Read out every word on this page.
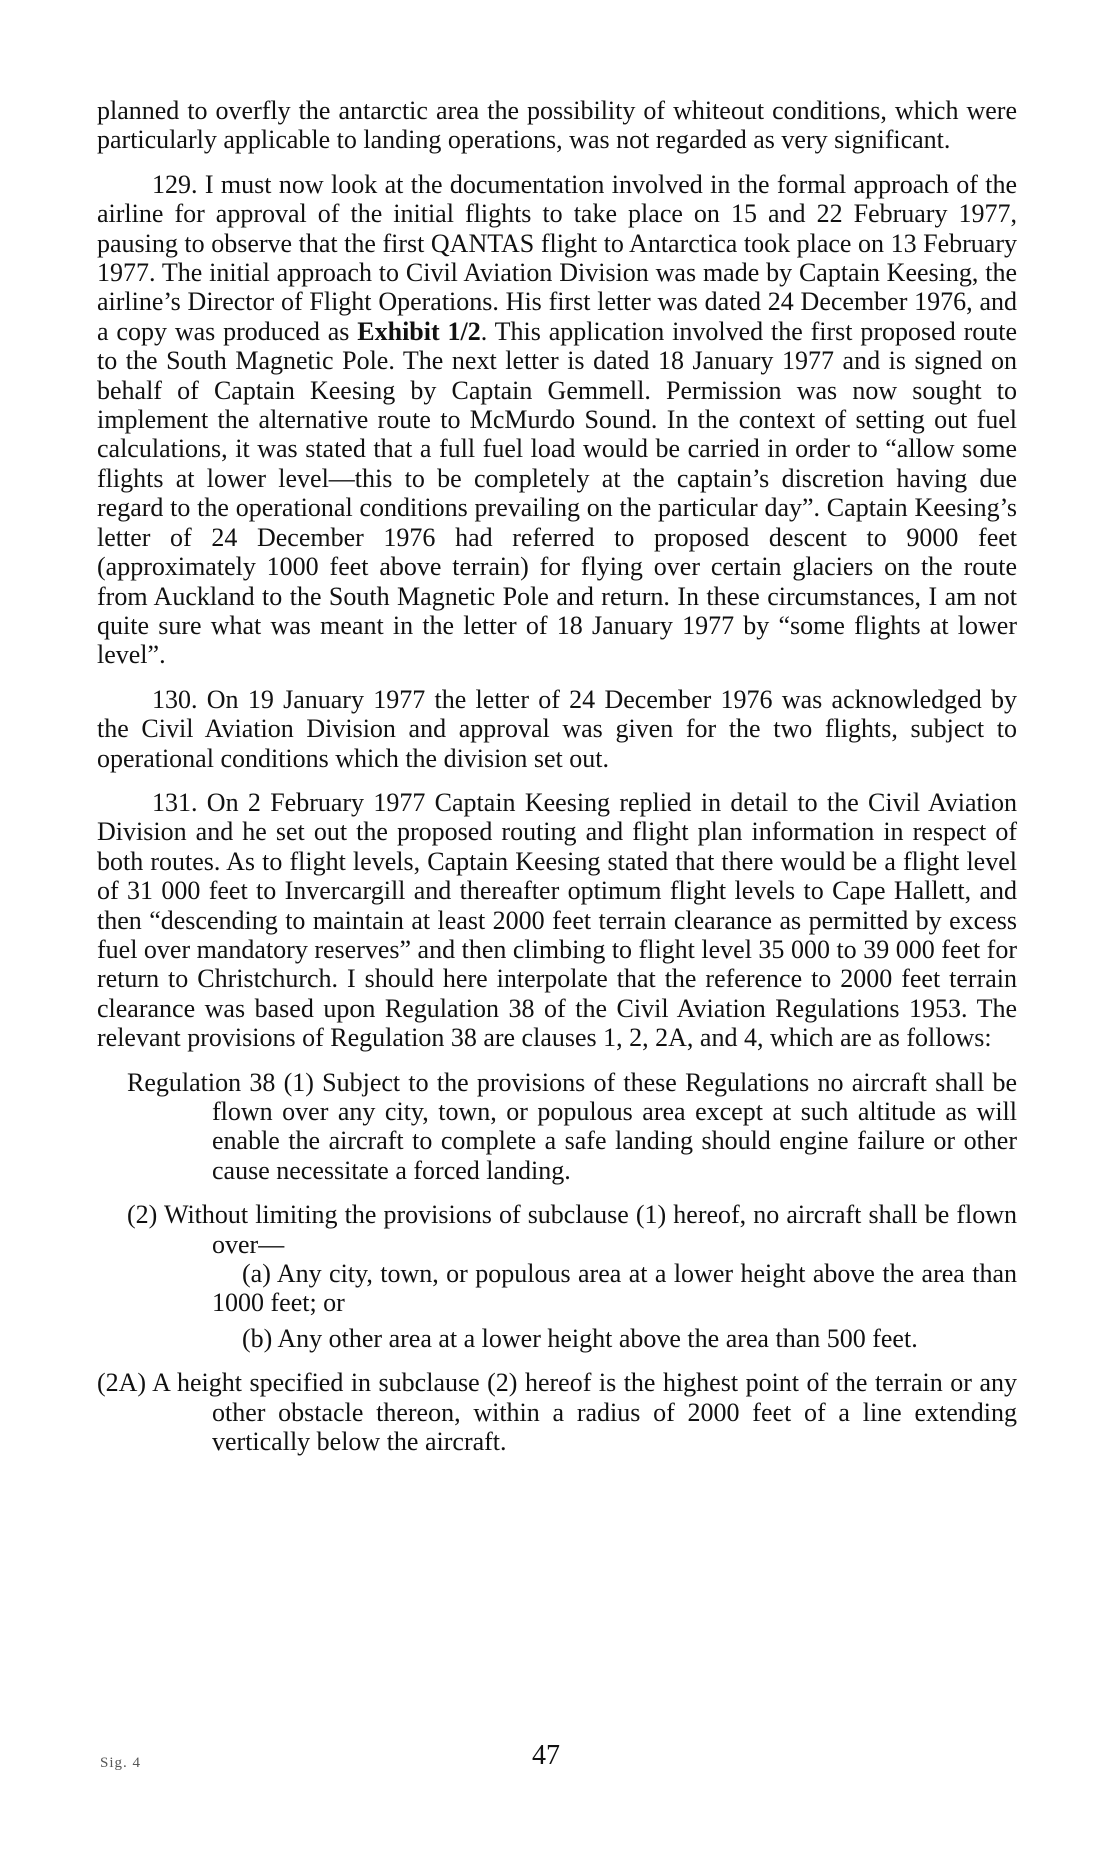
planned to overfly the antarctic area the possibility of whiteout conditions, which were particularly applicable to landing operations, was not regarded as very significant.

129. I must now look at the documentation involved in the formal approach of the airline for approval of the initial flights to take place on 15 and 22 February 1977, pausing to observe that the first QANTAS flight to Antarctica took place on 13 February 1977. The initial approach to Civil Aviation Division was made by Captain Keesing, the airline’s Director of Flight Operations. His first letter was dated 24 December 1976, and a copy was produced as Exhibit 1/2. This application involved the first proposed route to the South Magnetic Pole. The next letter is dated 18 January 1977 and is signed on behalf of Captain Keesing by Captain Gemmell. Permission was now sought to implement the alternative route to McMurdo Sound. In the context of setting out fuel calculations, it was stated that a full fuel load would be carried in order to “allow some flights at lower level—this to be completely at the captain’s discretion having due regard to the operational conditions prevailing on the particular day”. Captain Keesing’s letter of 24 December 1976 had referred to proposed descent to 9000 feet (approximately 1000 feet above terrain) for flying over certain glaciers on the route from Auckland to the South Magnetic Pole and return. In these circumstances, I am not quite sure what was meant in the letter of 18 January 1977 by “some flights at lower level”.

130. On 19 January 1977 the letter of 24 December 1976 was acknowledged by the Civil Aviation Division and approval was given for the two flights, subject to operational conditions which the division set out.

131. On 2 February 1977 Captain Keesing replied in detail to the Civil Aviation Division and he set out the proposed routing and flight plan information in respect of both routes. As to flight levels, Captain Keesing stated that there would be a flight level of 31 000 feet to Invercargill and thereafter optimum flight levels to Cape Hallett, and then “descending to maintain at least 2000 feet terrain clearance as permitted by excess fuel over mandatory reserves” and then climbing to flight level 35 000 to 39 000 feet for return to Christchurch. I should here interpolate that the reference to 2000 feet terrain clearance was based upon Regulation 38 of the Civil Aviation Regulations 1953. The relevant provisions of Regulation 38 are clauses 1, 2, 2A, and 4, which are as follows:

Regulation 38 (1) Subject to the provisions of these Regulations no aircraft shall be flown over any city, town, or populous area except at such altitude as will enable the aircraft to complete a safe landing should engine failure or other cause necessitate a forced landing.

(2) Without limiting the provisions of subclause (1) hereof, no aircraft shall be flown over—
(a) Any city, town, or populous area at a lower height above the area than 1000 feet; or
(b) Any other area at a lower height above the area than 500 feet.

(2A) A height specified in subclause (2) hereof is the highest point of the terrain or any other obstacle thereon, within a radius of 2000 feet of a line extending vertically below the aircraft.

Sig. 4	47
